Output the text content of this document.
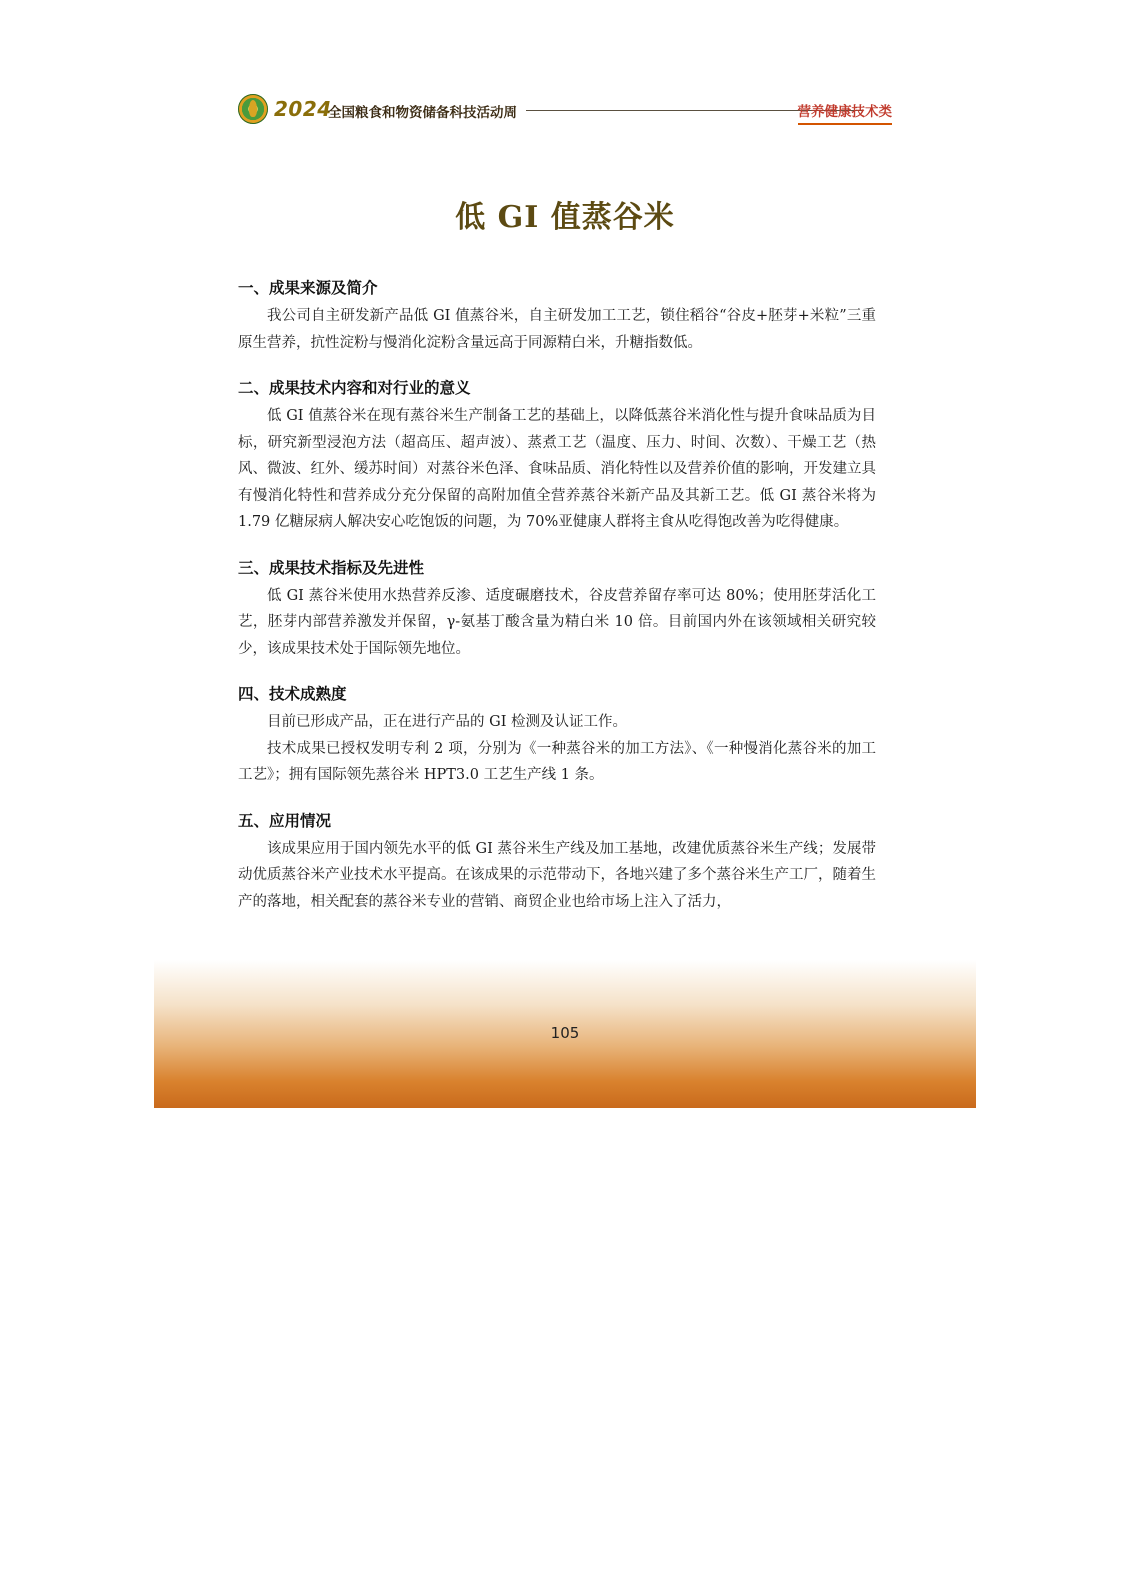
2024
全国粮食和物资储备科技活动周	营养健康技术类
低 GI 值蒸谷米
一、成果来源及简介

我公司自主研发新产品低 GI 值蒸谷米，自主研发加工工艺，锁住稻谷“谷皮+胚芽+米粒”三重原生营养，抗性淀粉与慢消化淀粉含量远高于同源精白米，升糖指数低。

二、成果技术内容和对行业的意义

低 GI 值蒸谷米在现有蒸谷米生产制备工艺的基础上，以降低蒸谷米消化性与提升食味品质为目标，研究新型浸泡方法（超高压、超声波）、蒸煮工艺（温度、压力、时间、次数）、干燥工艺（热风、微波、红外、缓苏时间）对蒸谷米色泽、食味品质、消化特性以及营养价值的影响，开发建立具有慢消化特性和营养成分充分保留的高附加值全营养蒸谷米新产品及其新工艺。低 GI 蒸谷米将为 1.79 亿糖尿病人解决安心吃饱饭的问题，为 70%亚健康人群将主食从吃得饱改善为吃得健康。

三、成果技术指标及先进性

低 GI 蒸谷米使用水热营养反渗、适度碾磨技术，谷皮营养留存率可达 80%；使用胚芽活化工艺，胚芽内部营养激发并保留，γ-氨基丁酸含量为精白米 10 倍。目前国内外在该领域相关研究较少，该成果技术处于国际领先地位。

四、技术成熟度

目前已形成产品，正在进行产品的 GI 检测及认证工作。

技术成果已授权发明专利 2 项，分别为《一种蒸谷米的加工方法》、《一种慢消化蒸谷米的加工工艺》；拥有国际领先蒸谷米 HPT3.0 工艺生产线 1 条。

五、应用情况

该成果应用于国内领先水平的低 GI 蒸谷米生产线及加工基地，改建优质蒸谷米生产线；发展带动优质蒸谷米产业技术水平提高。在该成果的示范带动下，各地兴建了多个蒸谷米生产工厂，随着生产的落地，相关配套的蒸谷米专业的营销、商贸企业也给市场上注入了活力，

105
